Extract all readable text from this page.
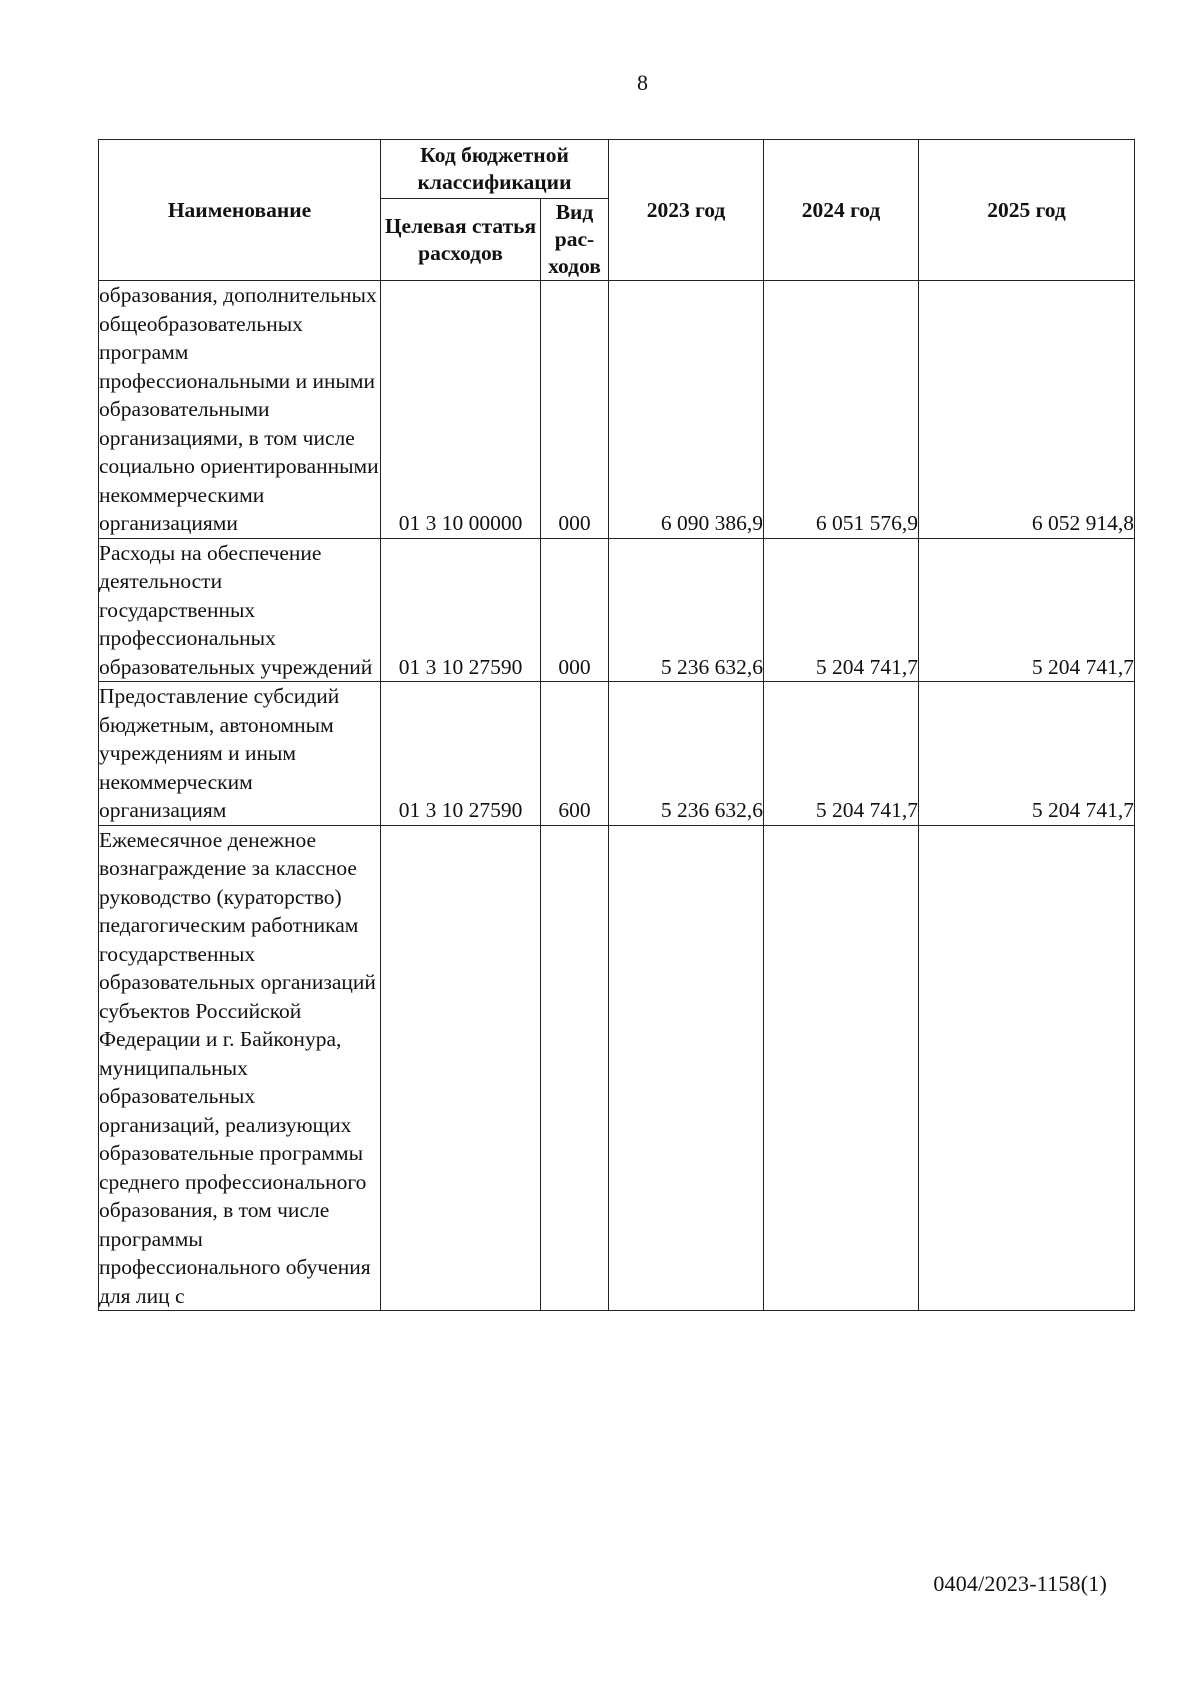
8
Наименование	Код бюджетной классификации		2023 год	2024 год	2025 год
	Целевая статья расходов	Вид рас-ходов			
образования, дополнительных общеобразовательных программ профессиональными и иными образовательными организациями, в том числе социально ориентированными некоммерческими организациями	01 3 10 00000	000	6 090 386,9	6 051 576,9	6 052 914,8
Расходы на обеспечение деятельности государственных профессиональных образовательных учреждений	01 3 10 27590	000	5 236 632,6	5 204 741,7	5 204 741,7
Предоставление субсидий бюджетным, автономным учреждениям и иным некоммерческим организациям	01 3 10 27590	600	5 236 632,6	5 204 741,7	5 204 741,7
Ежемесячное денежное вознаграждение за классное руководство (кураторство) педагогическим работникам государственных образовательных организаций субъектов Российской Федерации и г. Байконура, муниципальных образовательных организаций, реализующих образовательные программы среднего профессионального образования, в том числе программы профессионального обучения для лиц с					
0404/2023-1158(1)
